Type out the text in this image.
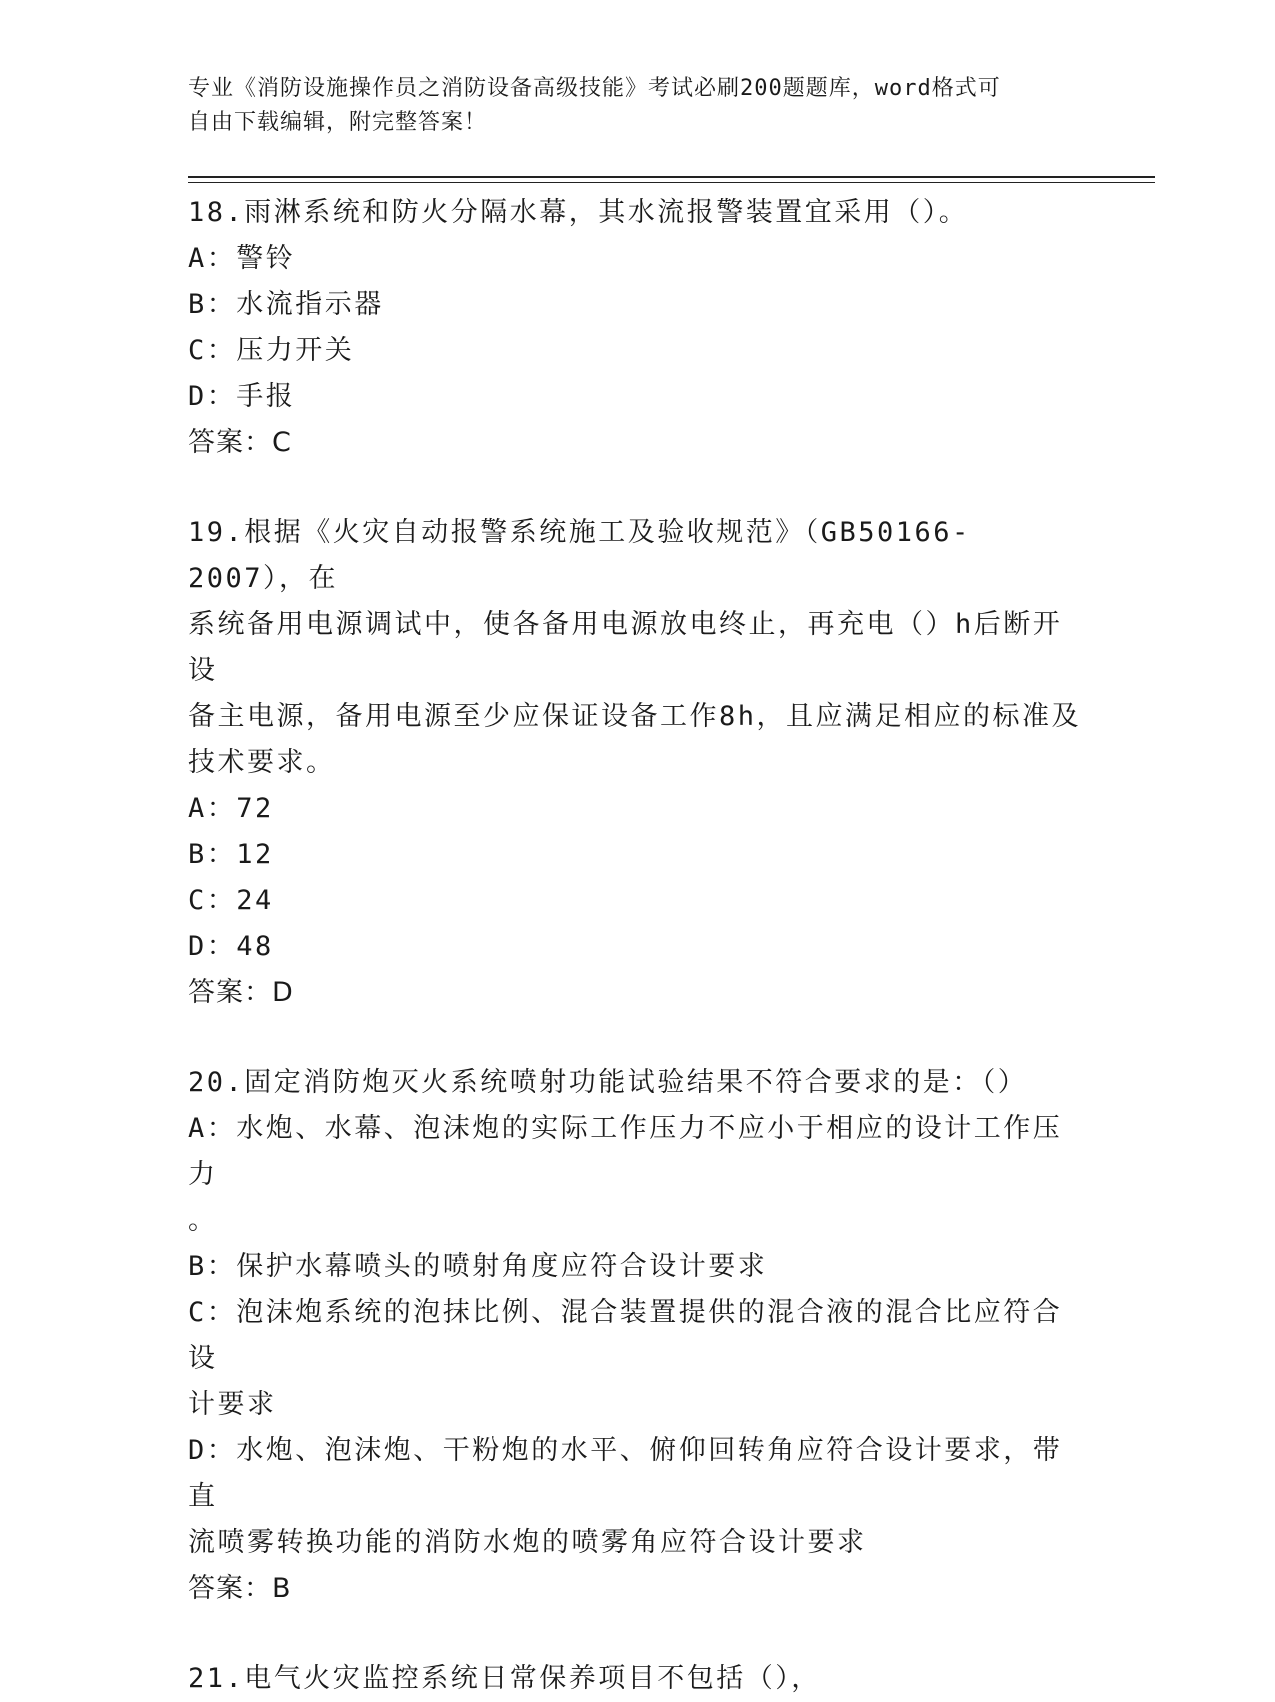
专业《消防设施操作员之消防设备高级技能》考试必刷200题题库，word格式可
自由下载编辑，附完整答案！
18.雨淋系统和防火分隔水幕，其水流报警装置宜采用（）。
A：警铃
B：水流指示器
C：压力开关
D：手报
答案：C
19.根据《火灾自动报警系统施工及验收规范》（GB50166-2007），在
系统备用电源调试中，使各备用电源放电终止，再充电（）h后断开设
备主电源，备用电源至少应保证设备工作8h，且应满足相应的标准及
技术要求。
A：72
B：12
C：24
D：48
答案：D
20.固定消防炮灭火系统喷射功能试验结果不符合要求的是：（）
A：水炮、水幕、泡沫炮的实际工作压力不应小于相应的设计工作压力
。
B：保护水幕喷头的喷射角度应符合设计要求
C：泡沫炮系统的泡抹比例、混合装置提供的混合液的混合比应符合设
计要求
D：水炮、泡沫炮、干粉炮的水平、俯仰回转角应符合设计要求，带直
流喷雾转换功能的消防水炮的喷雾角应符合设计要求
答案：B
21.电气火灾监控系统日常保养项目不包括（），
